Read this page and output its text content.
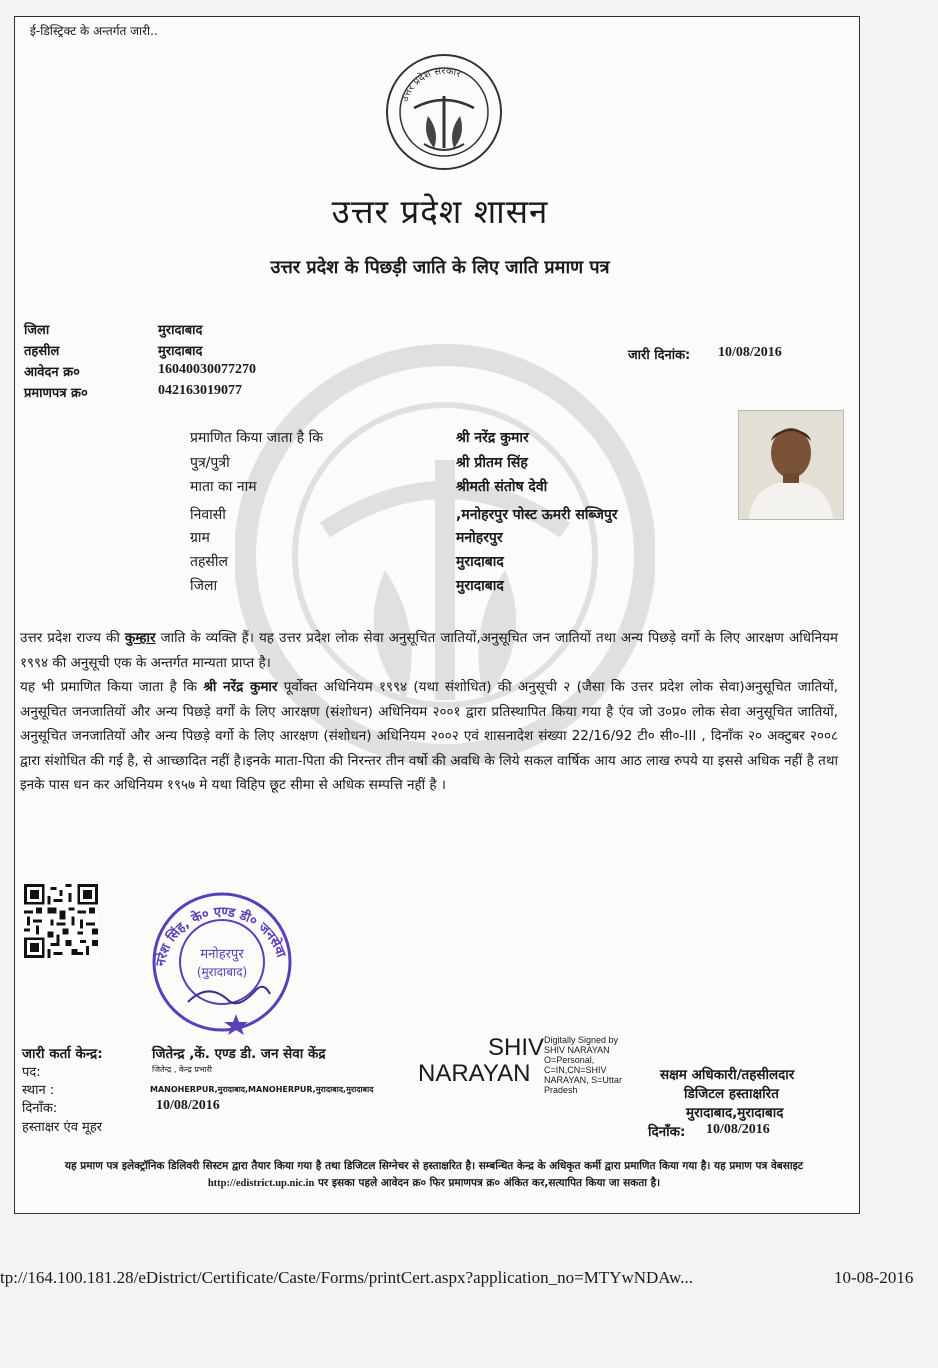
ई-डिस्ट्रिक्ट के अन्तर्गत जारी..
उत्तर प्रदेश सरकार
उत्तर प्रदेश शासन
उत्तर प्रदेश के पिछड़ी जाति के लिए जाति प्रमाण पत्र
जिला	मुरादाबाद
तहसील	मुरादाबाद
आवेदन क्र०	16040030077270
प्रमाणपत्र क्र०	042163019077
जारी दिनांक: 10/08/2016
प्रमाणित किया जाता है कि	श्री नरेंद्र कुमार
पुत्र/पुत्री	श्री प्रीतम सिंह
माता का नाम	श्रीमती संतोष देवी
निवासी	,मनोहरपुर पोस्ट ऊमरी सब्जिपुर
ग्राम	मनोहरपुर
तहसील	मुरादाबाद
जिला	मुरादाबाद

उत्तर प्रदेश राज्य की कुम्हार जाति के व्यक्ति हैं। यह उत्तर प्रदेश लोक सेवा अनुसूचित जातियों,अनुसूचित जन जातियों तथा अन्य पिछड़े वर्गो के लिए आरक्षण अधिनियम १९९४ की अनुसूची एक के अन्तर्गत मान्यता प्राप्त है।

यह भी प्रमाणित किया जाता है कि श्री नरेंद्र कुमार पूर्वोक्त अधिनियम १९९४ (यथा संशोधित) की अनुसूची २ (जैसा कि उत्तर प्रदेश लोक सेवा)अनुसूचित जातियों, अनुसूचित जनजातियों और अन्य पिछड़े वर्गों के लिए आरक्षण (संशोधन) अधिनियम २००१ द्वारा प्रतिस्थापित किया गया है एंव जो उ०प्र० लोक सेवा अनुसूचित जातियों, अनुसूचित जनजातियों और अन्य पिछड़े वर्गो के लिए आरक्षण (संशोधन) अधिनियम २००२ एवं शासनादेश संख्या 22/16/92 टी० सी०-III , दिनाँक २० अक्टुबर २००८ द्वारा संशोधित की गई है, से आच्छादित नहीं है।इनके माता-पिता की निरन्तर तीन वर्षो की अवधि के लिये सकल वार्षिक आय आठ लाख रुपये या इससे अधिक नहीं है तथा इनके पास धन कर अधिनियम १९५७ मे यथा विहिप छूट सीमा से अधिक सम्पत्ति नहीं है ।

नरेश सिंह, के० एण्ड डी० जनसेवा
मनोहरपुर
(मुरादाबाद)
जारी कर्ता केन्द्र:	जितेन्द्र ,कें. एण्ड डी. जन सेवा केंद्र
पद:	जितेन्द्र , केन्द्र प्रभारी
स्थान :	MANOHERPUR,मुरादाबाद,MANOHERPUR,मुरादाबाद,मुरादाबाद
दिनाँक:	10/08/2016
हस्ताक्षर एंव मूहर
SHIV
NARAYAN
Digitally Signed by SHIV NARAYAN O=Personal, C=IN,CN=SHIV NARAYAN, S=Uttar Pradesh
सक्षम अधिकारी/तहसीलदार
डिजिटल हस्ताक्षरित
मुरादाबाद,मुरादाबाद
दिनाँक: 10/08/2016
यह प्रमाण पत्र इलेक्ट्रॉनिक डिलिवरी सिस्टम द्वारा तैयार किया गया है तथा डिजिटल सिग्नेचर से हस्ताक्षरित है। सम्बन्धित केन्द्र के अधिकृत कर्मी द्वारा प्रमाणित किया गया है। यह प्रमाण पत्र वेबसाइट http://edistrict.up.nic.in पर इसका पहले आवेदन क्र० फिर प्रमाणपत्र क्र० अंकित कर,सत्यापित किया जा सकता है।
tp://164.100.181.28/eDistrict/Certificate/Caste/Forms/printCert.aspx?application_no=MTYwNDAw...	10-08-2016
